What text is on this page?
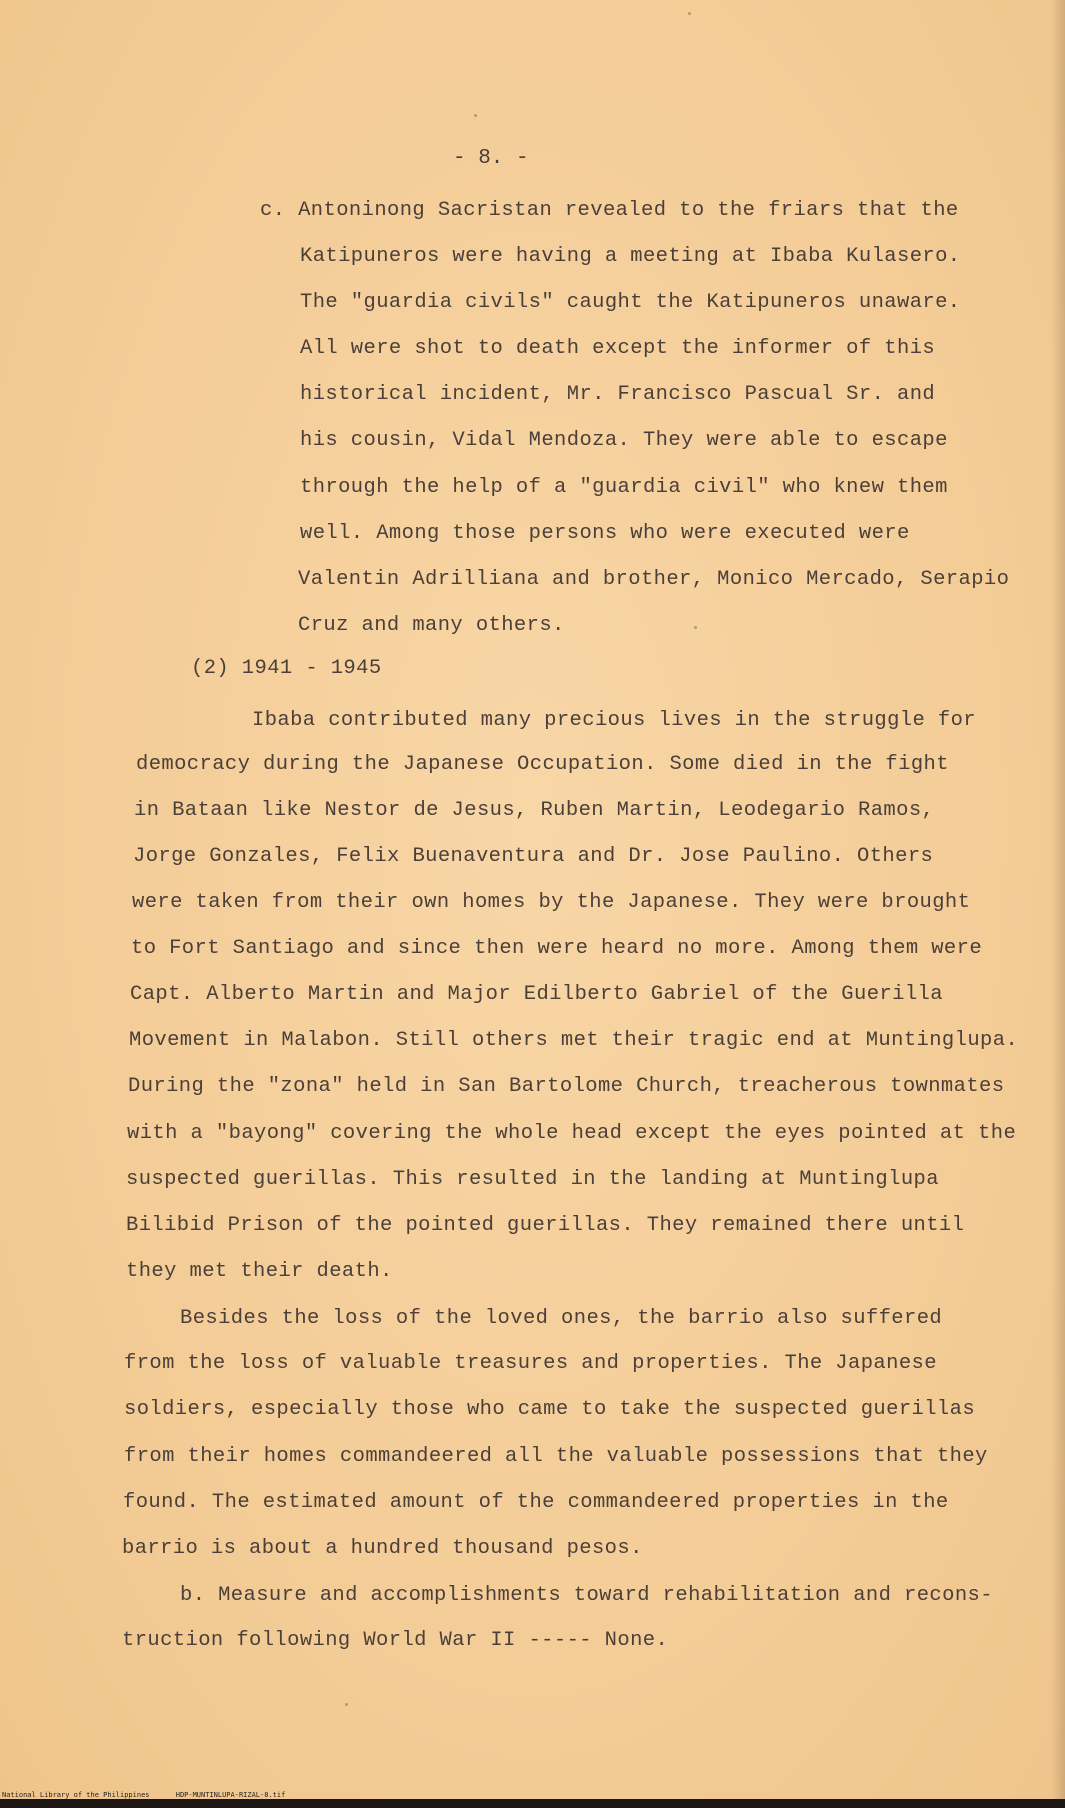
- 8. -
c. Antoninong Sacristan revealed to the friars that the
Katipuneros were having a meeting at Ibaba Kulasero.
The "guardia civils" caught the Katipuneros unaware.
All were shot to death except the informer of this
historical incident, Mr. Francisco Pascual Sr. and
his cousin, Vidal Mendoza. They were able to escape
through the help of a "guardia civil" who knew them
well. Among those persons who were executed were
Valentin Adrilliana and brother, Monico Mercado, Serapio
Cruz and many others.
(2) 1941 - 1945
Ibaba contributed many precious lives in the struggle for
democracy during the Japanese Occupation. Some died in the fight
in Bataan like Nestor de Jesus, Ruben Martin, Leodegario Ramos,
Jorge Gonzales, Felix Buenaventura and Dr. Jose Paulino. Others
were taken from their own homes by the Japanese. They were brought
to Fort Santiago and since then were heard no more. Among them were
Capt. Alberto Martin and Major Edilberto Gabriel of the Guerilla
Movement in Malabon. Still others met their tragic end at Muntinglupa.
During the "zona" held in San Bartolome Church, treacherous townmates
with a "bayong" covering the whole head except the eyes pointed at the
suspected guerillas. This resulted in the landing at Muntinglupa
Bilibid Prison of the pointed guerillas. They remained there until
they met their death.
Besides the loss of the loved ones, the barrio also suffered
from the loss of valuable treasures and properties. The Japanese
soldiers, especially those who came to take the suspected guerillas
from their homes commandeered all the valuable possessions that they
found. The estimated amount of the commandeered properties in the
barrio is about a hundred thousand pesos.
b. Measure and accomplishments toward rehabilitation and recons-
truction following World War II ----- None.
National Library of the Philippines	HDP-MUNTINLUPA-RIZAL-8.tif
